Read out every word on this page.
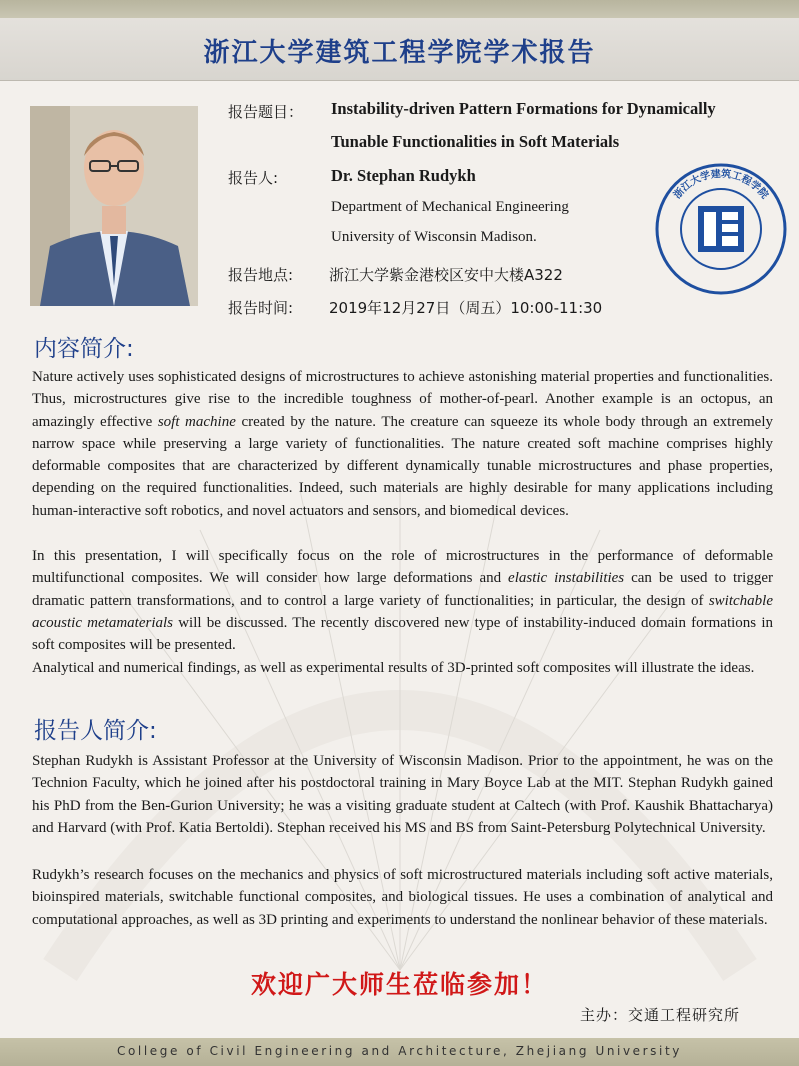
浙江大学建筑工程学院学术报告
报告题目： Instability-driven Pattern Formations for Dynamically
Tunable Functionalities in Soft Materials
报告人:	Dr. Stephan Rudykh
Department of Mechanical Engineering
University of Wisconsin Madison.
报告地点: 浙江大学紫金港校区安中大楼A322
报告时间: 2019年12月27日（周五）10:00-11:30
浙江大学建筑工程学院
内容简介:
Nature actively uses sophisticated designs of microstructures to achieve astonishing material properties and functionalities. Thus, microstructures give rise to the incredible toughness of mother-of-pearl. Another example is an octopus, an amazingly effective soft machine created by the nature. The creature can squeeze its whole body through an extremely narrow space while preserving a large variety of functionalities. The nature created soft machine comprises highly deformable composites that are characterized by different dynamically tunable microstructures and phase properties, depending on the required functionalities. Indeed, such materials are highly desirable for many applications including human-interactive soft robotics, and novel actuators and sensors, and biomedical devices.
In this presentation, I will specifically focus on the role of microstructures in the performance of deformable multifunctional composites. We will consider how large deformations and elastic instabilities can be used to trigger dramatic pattern transformations, and to control a large variety of functionalities; in particular, the design of switchable acoustic metamaterials will be discussed. The recently discovered new type of instability-induced domain formations in soft composites will be presented.
Analytical and numerical findings, as well as experimental results of 3D-printed soft composites will illustrate the ideas.
报告人简介:
Stephan Rudykh is Assistant Professor at the University of Wisconsin Madison. Prior to the appointment, he was on the Technion Faculty, which he joined after his postdoctoral training in Mary Boyce Lab at the MIT. Stephan Rudykh gained his PhD from the Ben-Gurion University; he was a visiting graduate student at Caltech (with Prof. Kaushik Bhattacharya) and Harvard (with Prof. Katia Bertoldi). Stephan received his MS and BS from Saint-Petersburg Polytechnical University.
Rudykh’s research focuses on the mechanics and physics of soft microstructured materials including soft active materials, bioinspired materials, switchable functional composites, and biological tissues. He uses a combination of analytical and computational approaches, as well as 3D printing and experiments to understand the nonlinear behavior of these materials.
欢迎广大师生莅临参加！
主办：交通工程研究所
College of Civil Engineering and Architecture, Zhejiang University
